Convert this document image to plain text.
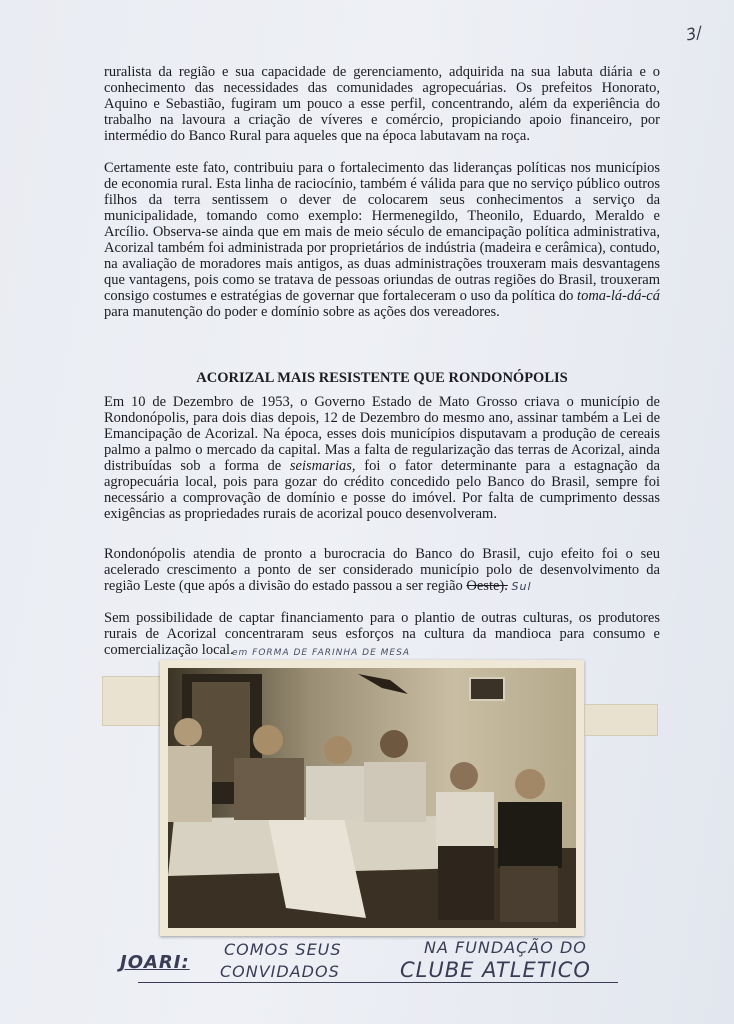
3/

ruralista da região e sua capacidade de gerenciamento, adquirida na sua labuta diária e o conhecimento das necessidades das comunidades agropecuárias. Os prefeitos Honorato, Aquino e Sebastião, fugiram um pouco a esse perfil, concentrando, além da experiência do trabalho na lavoura a criação de víveres e comércio, propiciando apoio financeiro, por intermédio do Banco Rural para aqueles que na época labutavam na roça.

Certamente este fato, contribuiu para o fortalecimento das lideranças políticas nos municípios de economia rural. Esta linha de raciocínio, também é válida para que no serviço público outros filhos da terra sentissem o dever de colocarem seus conhecimentos a serviço da municipalidade, tomando como exemplo: Hermenegildo, Theonilo, Eduardo, Meraldo e Arcílio. Observa-se ainda que em mais de meio século de emancipação política administrativa, Acorizal também foi administrada por proprietários de indústria (madeira e cerâmica), contudo, na avaliação de moradores mais antigos, as duas administrações trouxeram mais desvantagens que vantagens, pois como se tratava de pessoas oriundas de outras regiões do Brasil, trouxeram consigo costumes e estratégias de governar que fortaleceram o uso da política do toma-lá-dá-cá para manutenção do poder e domínio sobre as ações dos vereadores.

ACORIZAL MAIS RESISTENTE QUE RONDONÓPOLIS

Em 10 de Dezembro de 1953, o Governo Estado de Mato Grosso criava o município de Rondonópolis, para dois dias depois, 12 de Dezembro do mesmo ano, assinar também a Lei de Emancipação de Acorizal. Na época, esses dois municípios disputavam a produção de cereais palmo a palmo o mercado da capital. Mas a falta de regularização das terras de Acorizal, ainda distribuídas sob a forma de seismarias, foi o fator determinante para a estagnação da agropecuária local, pois para gozar do crédito concedido pelo Banco do Brasil, sempre foi necessário a comprovação de domínio e posse do imóvel. Por falta de cumprimento dessas exigências as propriedades rurais de acorizal pouco desenvolveram.

Rondonópolis atendia de pronto a burocracia do Banco do Brasil, cujo efeito foi o seu acelerado crescimento a ponto de ser considerado município polo de desenvolvimento da região Leste (que após a divisão do estado passou a ser região Oeste). Sul

Sem possibilidade de captar financiamento para o plantio de outras culturas, os produtores rurais de Acorizal concentraram seus esforços na cultura da mandioca para consumo e comercialização local.

em FORMA DE FARINHA DE MESA
JOARI:
COMOS SEUS
CONVIDADOS
NA FUNDAÇÃO DO
CLUBE ATLETICO
